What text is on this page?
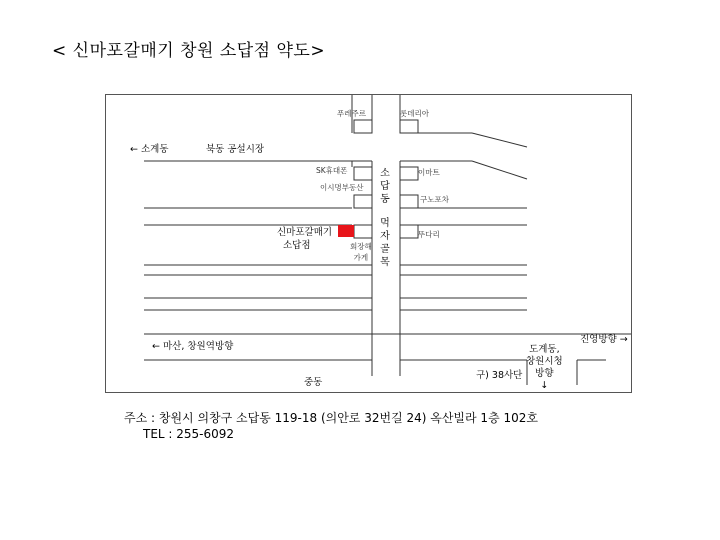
< 신마포갈매기 창원 소답점 약도>
푸레주르	롯데리아
← 소계동	북동 공설시장
SK휴대폰	이마트
이시명부동산
구노포차
소
답
동
먹
자
골
목
신마포갈매기
소답점	회장해
가게
뚜다리
진영방향 →
← 마산, 창원역방향	도계동,
창원시청
방향
↓
구) 38사단
중동
주소 : 창원시 의창구 소답동 119-18 (의안로 32번길 24) 옥산빌라 1층 102호
TEL : 255-6092
